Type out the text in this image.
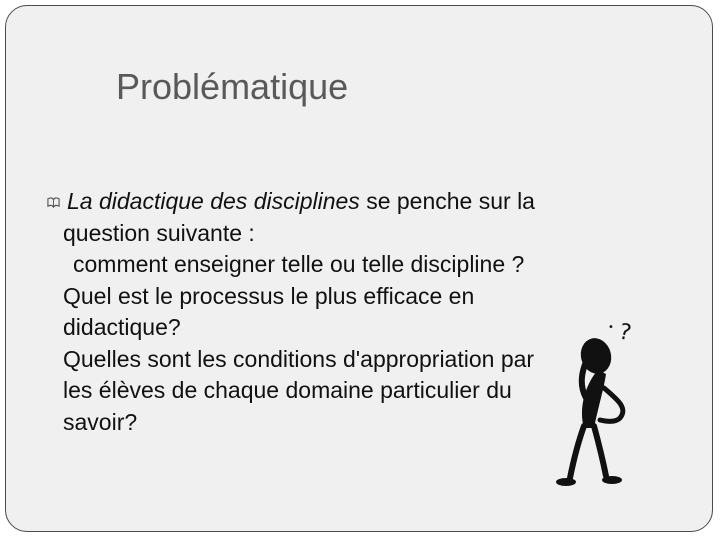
Problématique
La didactique des disciplines se penche sur la
question suivante :
comment enseigner telle ou telle discipline ?
Quel est le processus le plus efficace en
didactique?
Quelles sont les conditions d'appropriation par
les élèves de chaque domaine particulier du
savoir?
?
•
